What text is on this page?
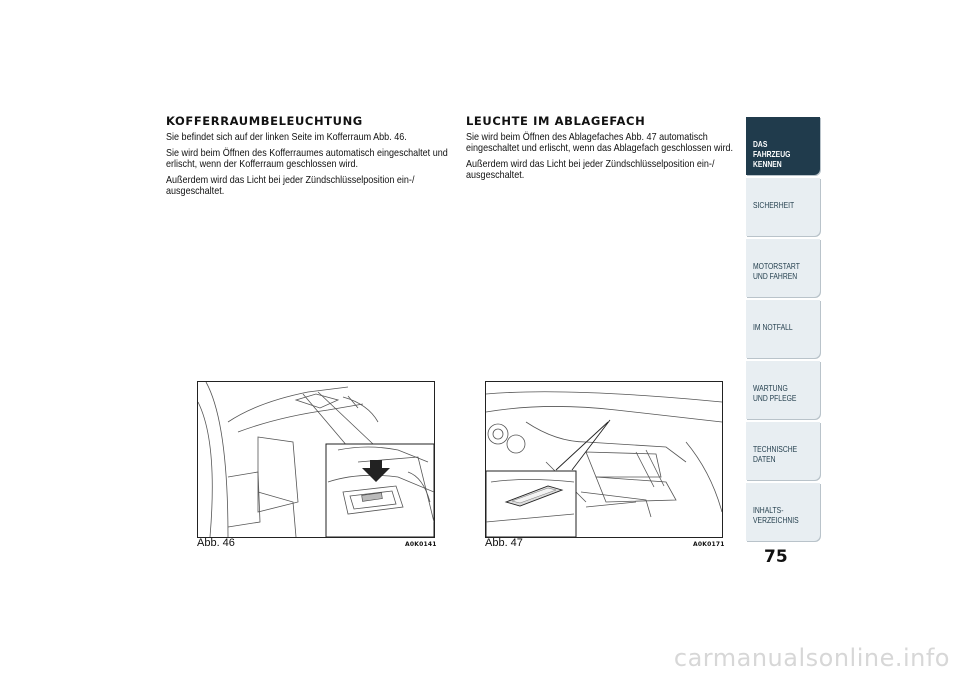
KOFFERRAUMBELEUCHTUNG

Sie befindet sich auf der linken Seite im Kofferraum Abb. 46.

Sie wird beim Öffnen des Kofferraumes automatisch eingeschaltet und erlischt, wenn der Kofferraum geschlossen wird.

Außerdem wird das Licht bei jeder Zündschlüsselposition ein-/ ausgeschaltet.

LEUCHTE IM ABLAGEFACH

Sie wird beim Öffnen des Ablagefaches Abb. 47 automatisch eingeschaltet und erlischt, wenn das Ablagefach geschlossen wird.

Außerdem wird das Licht bei jeder Zündschlüsselposition ein-/ ausgeschaltet.

Abb. 46	A0K0141	Abb. 47	A0K0171
DAS FAHRZEUG KENNEN
SICHERHEIT
MOTORSTART UND FAHREN
IM NOTFALL
WARTUNG UND PFLEGE
TECHNISCHE DATEN
INHALTS-VERZEICHNIS
75
carmanualsonline.info
